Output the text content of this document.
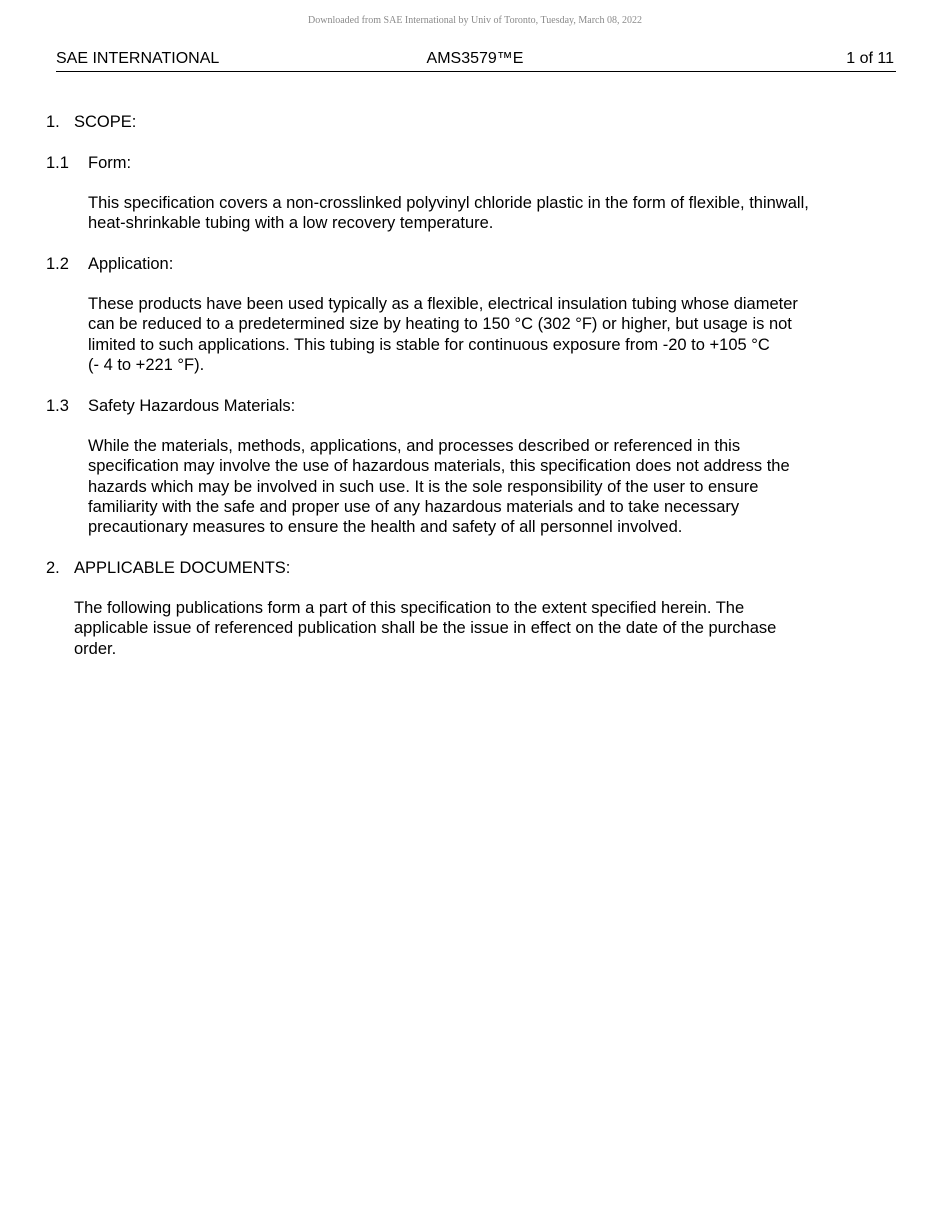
Downloaded from SAE International by Univ of Toronto, Tuesday, March 08, 2022
SAE INTERNATIONAL	AMS3579™E	1 of 11
1. SCOPE:
1.1 Form:
This specification covers a non-crosslinked polyvinyl chloride plastic in the form of flexible, thinwall,
heat-shrinkable tubing with a low recovery temperature.
1.2 Application:
These products have been used typically as a flexible, electrical insulation tubing whose diameter
can be reduced to a predetermined size by heating to 150 °C (302 °F) or higher, but usage is not
limited to such applications. This tubing is stable for continuous exposure from -20 to +105 °C
(- 4 to +221 °F).
1.3 Safety Hazardous Materials:
While the materials, methods, applications, and processes described or referenced in this
specification may involve the use of hazardous materials, this specification does not address the
hazards which may be involved in such use. It is the sole responsibility of the user to ensure
familiarity with the safe and proper use of any hazardous materials and to take necessary
precautionary measures to ensure the health and safety of all personnel involved.
2. APPLICABLE DOCUMENTS:
The following publications form a part of this specification to the extent specified herein. The
applicable issue of referenced publication shall be the issue in effect on the date of the purchase
order.
